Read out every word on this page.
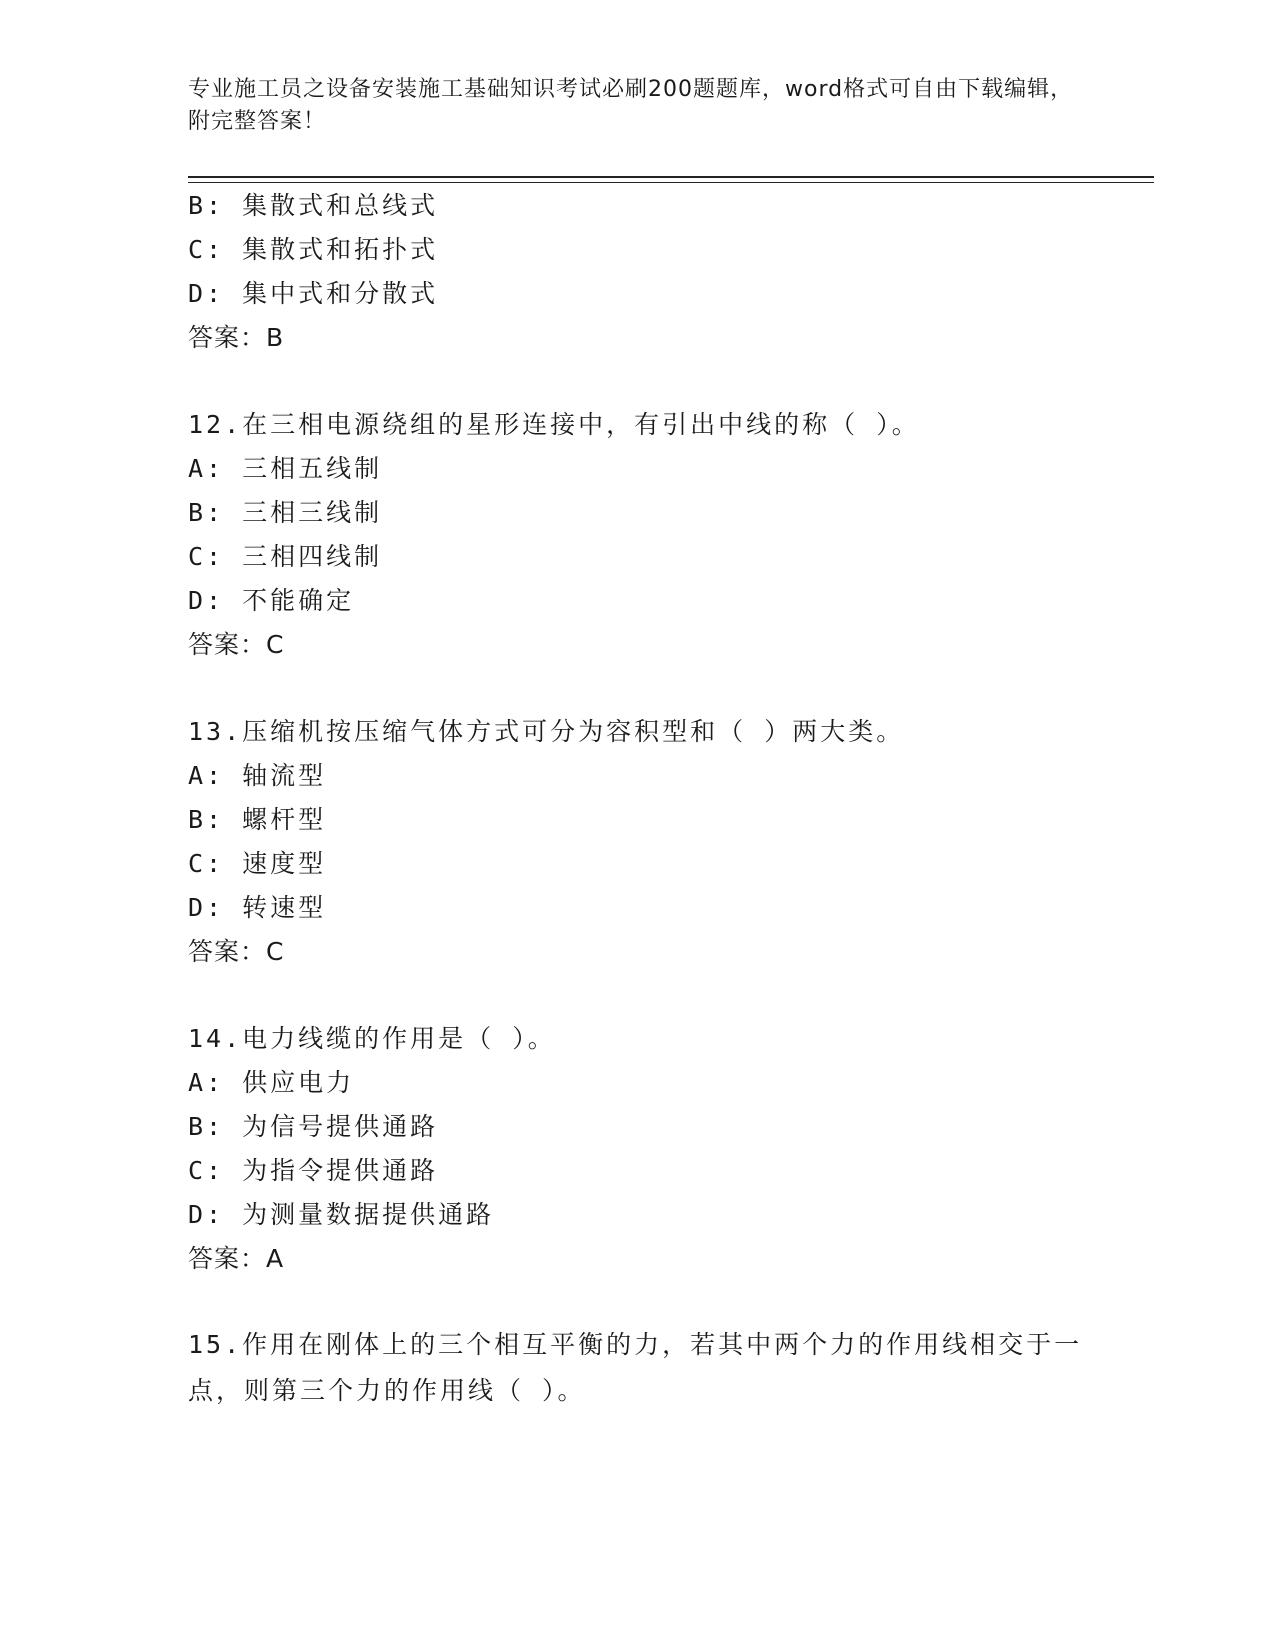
专业施工员之设备安装施工基础知识考试必刷200题题库，word格式可自由下载编辑，附完整答案！
B: 集散式和总线式
C: 集散式和拓扑式
D: 集中式和分散式
答案：B
12.在三相电源绕组的星形连接中，有引出中线的称（ ）。
A: 三相五线制
B: 三相三线制
C: 三相四线制
D: 不能确定
答案：C
13.压缩机按压缩气体方式可分为容积型和（ ）两大类。
A: 轴流型
B: 螺杆型
C: 速度型
D: 转速型
答案：C
14.电力线缆的作用是（ ）。
A: 供应电力
B: 为信号提供通路
C: 为指令提供通路
D: 为测量数据提供通路
答案：A
15.作用在刚体上的三个相互平衡的力，若其中两个力的作用线相交于一点，则第三个力的作用线（ ）。
